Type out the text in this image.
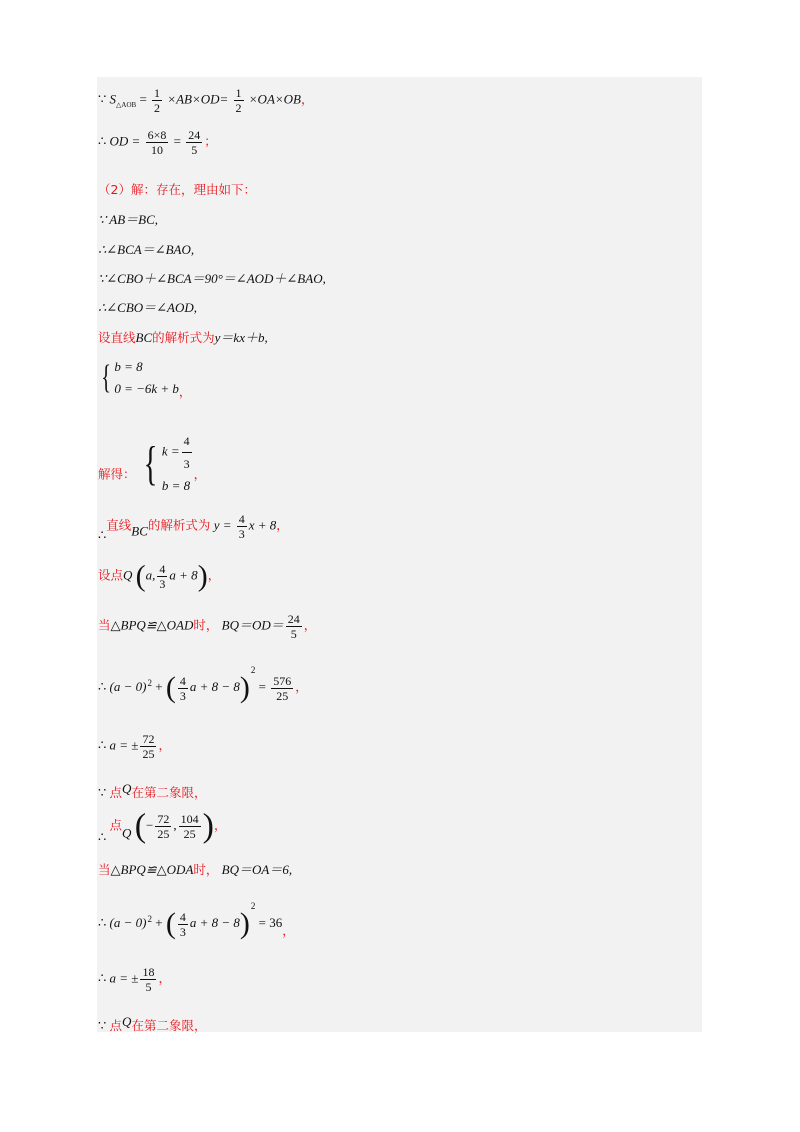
∵ $S_{\triangle AOB} = \frac{1}{2} \times AB\times OD= \frac{1}{2} \times OA\times OB$，
∴ OD = $\frac{6\times 8}{10} = \frac{24}{5}$ ；
（2）解：存在，理由如下：
∵ AB＝BC,
∴∠BCA＝∠BAO,
∵∠CBO＋∠BCA＝90°＝∠AOD＋∠BAO,
∴∠CBO＝∠AOD,
设直线BC的解析式为y＝kx＋b,
{ b = 8
0 = −6k + b ，
解得： { $k = \frac{4}{3}$
b = 8
，
∴直线BC的解析式为 $y = \frac{4}{3}$ x + 8，
设点Q (a, $\frac{4}{3}$ a + 8)，
当△BPQ≌△OAD时， $BQ=OD= \frac{24}{5}$ ，
∴ $(a - 0)^2$ + ( $\frac{4}{3}$ $a + 8 - 8)^2 = \frac{576}{25}$ ，
∴ a = ± $\frac{72}{25}$ ，
∵ 点Q在第二象限，
∴ 点Q (− $\frac{72}{25}$ , $\frac{104}{25}$ )，
当△BPQ≌△ODA时， BQ＝OA＝6,
∴ $(a - 0)^2$ + ( $\frac{4}{3}$ a + 8 − 8)$^2$ = 36，
∴ a = ± $\frac{18}{5}$ ，
∵ 点Q在第二象限，
